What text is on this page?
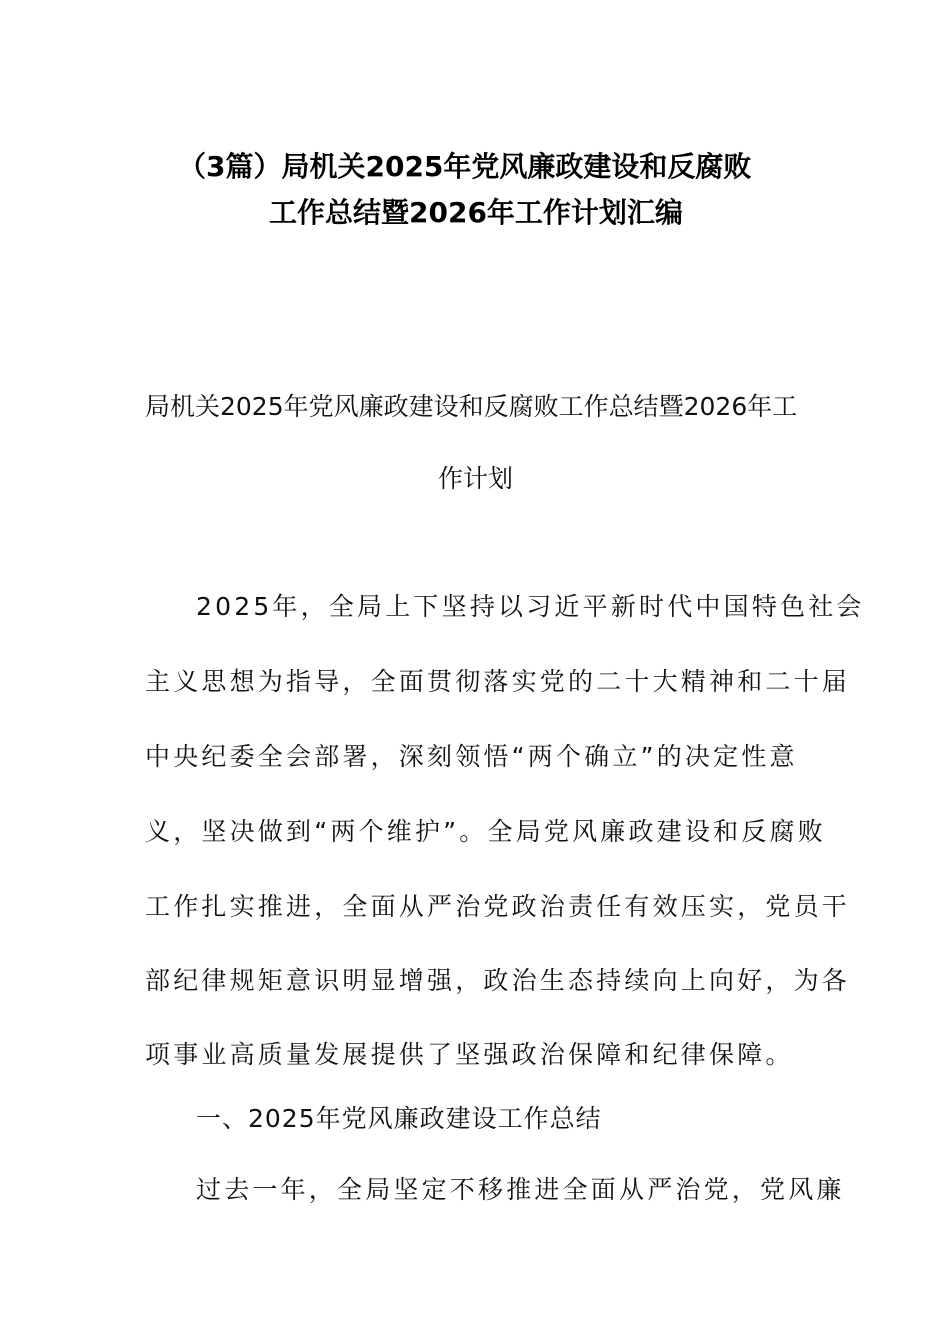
（3篇）局机关2025年党风廉政建设和反腐败
工作总结暨2026年工作计划汇编
局机关2025年党风廉政建设和反腐败工作总结暨2026年工
作计划
2025年，全局上下坚持以习近平新时代中国特色社会
主义思想为指导，全面贯彻落实党的二十大精神和二十届
中央纪委全会部署，深刻领悟“两个确立”的决定性意
义，坚决做到“两个维护”。全局党风廉政建设和反腐败
工作扎实推进，全面从严治党政治责任有效压实，党员干
部纪律规矩意识明显增强，政治生态持续向上向好，为各
项事业高质量发展提供了坚强政治保障和纪律保障。
一、2025年党风廉政建设工作总结
过去一年，全局坚定不移推进全面从严治党，党风廉
